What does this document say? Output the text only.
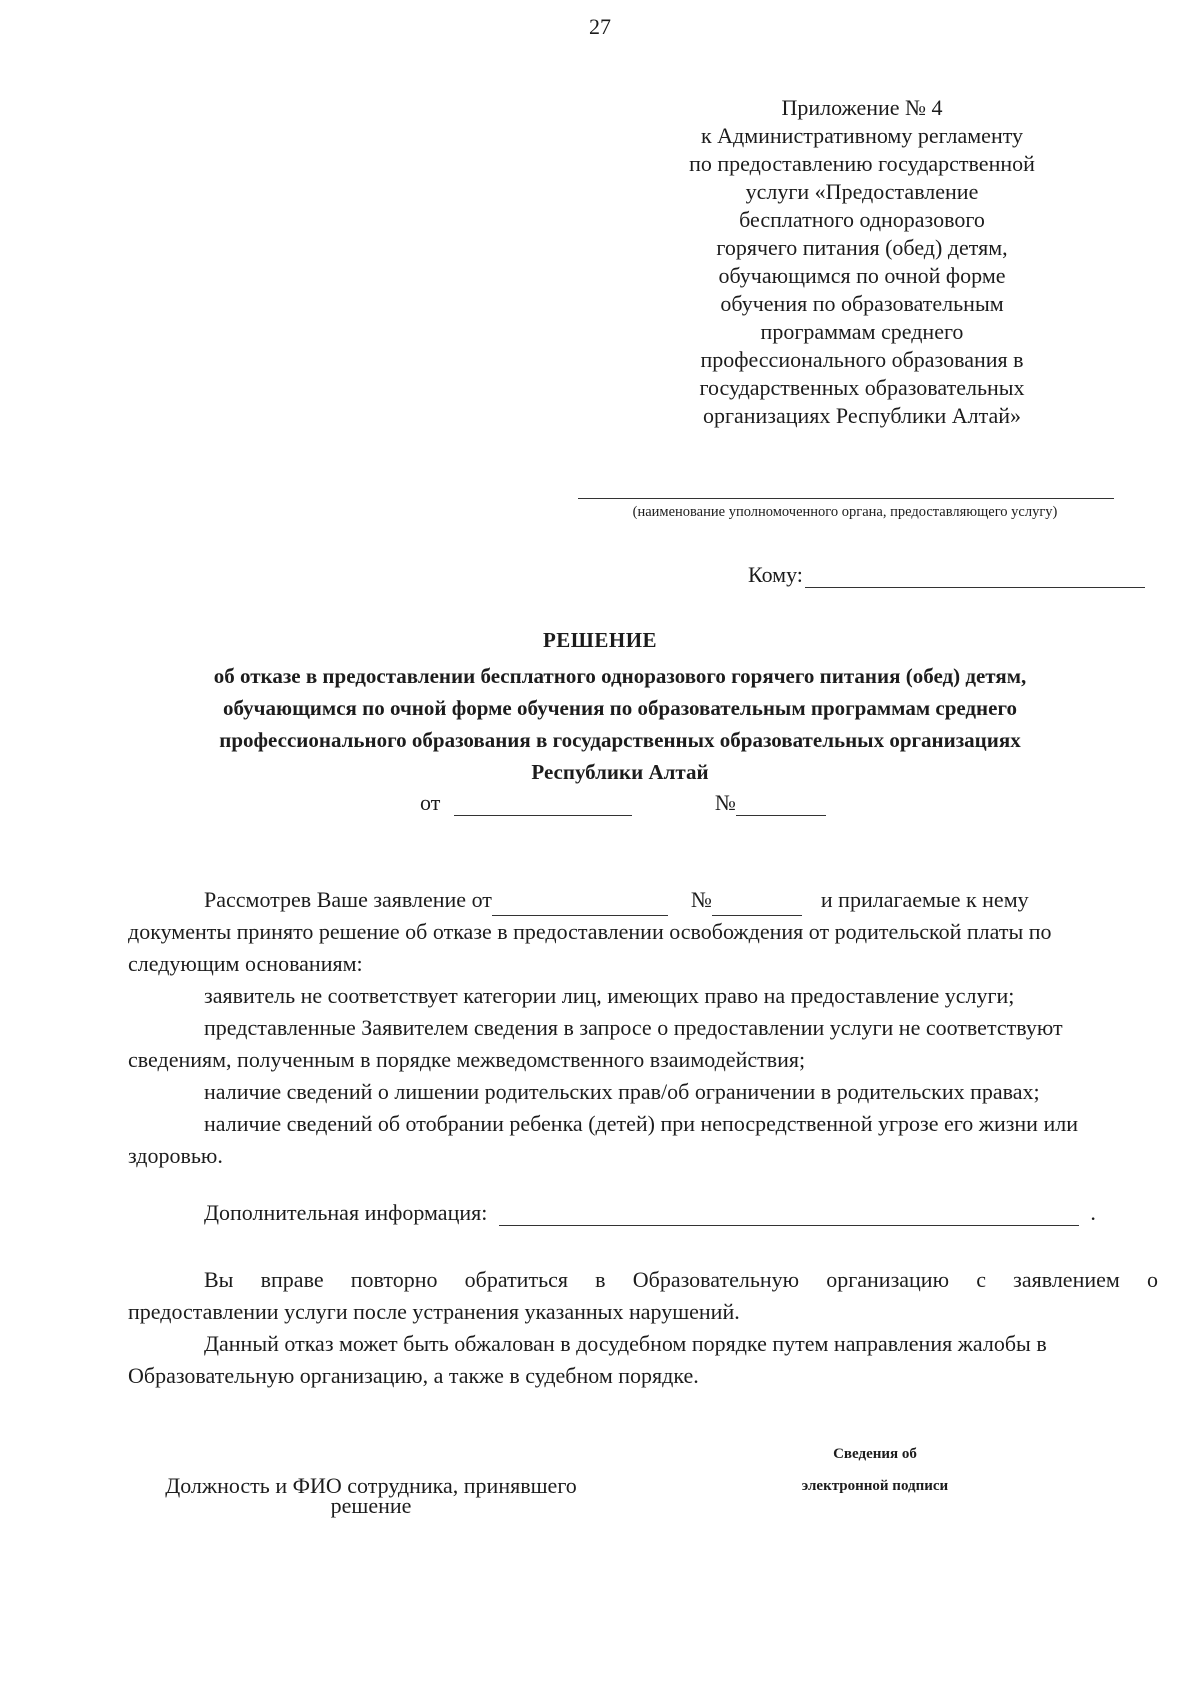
27
Приложение № 4
к Административному регламенту
по предоставлению государственной
услуги «Предоставление
бесплатного одноразового
горячего питания (обед) детям,
обучающимся по очной форме
обучения по образовательным
программам среднего
профессионального образования в
государственных образовательных
организациях Республики Алтай»
(наименование уполномоченного органа, предоставляющего услугу)
Кому:
РЕШЕНИЕ
об отказе в предоставлении бесплатного одноразового горячего питания (обед) детям,
обучающимся по очной форме обучения по образовательным программам среднего
профессионального образования в государственных образовательных организациях
Республики Алтай
от	№
Рассмотрев Ваше заявление от	№	и прилагаемые к нему
документы принято решение об отказе в предоставлении освобождения от родительской платы по
следующим основаниям:
заявитель не соответствует категории лиц, имеющих право на предоставление услуги;
представленные Заявителем сведения в запросе о предоставлении услуги не соответствуют
сведениям, полученным в порядке межведомственного взаимодействия;
наличие сведений о лишении родительских прав/об ограничении в родительских правах;
наличие сведений об отобрании ребенка (детей) при непосредственной угрозе его жизни или
здоровью.
Дополнительная информация:	.
Вы вправе повторно обратиться в Образовательную организацию с заявлением о
предоставлении услуги после устранения указанных нарушений.
Данный отказ может быть обжалован в досудебном порядке путем направления жалобы в
Образовательную организацию, а также в судебном порядке.
Сведения об
электронной подписи
Должность и ФИО сотрудника, принявшего
решение
